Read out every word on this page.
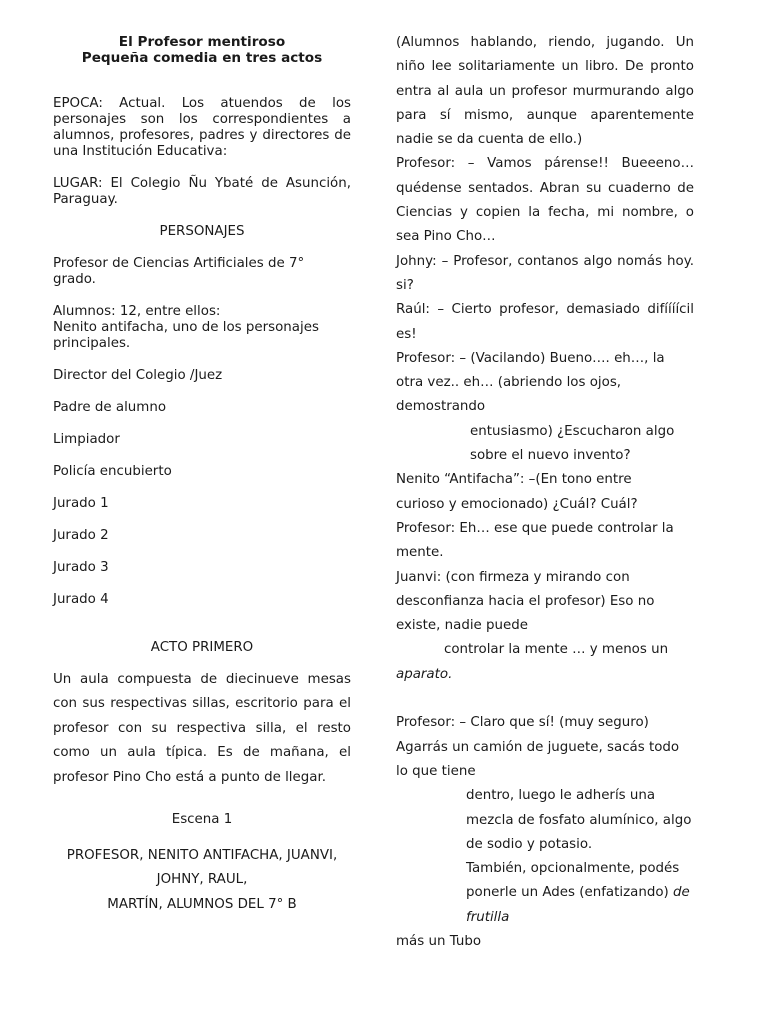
El Profesor mentiroso
Pequeña comedia en tres actos

EPOCA: Actual. Los atuendos de los personajes son los correspondientes a alumnos, profesores, padres y directores de una Institución Educativa:

LUGAR: El Colegio Ñu Ybaté de Asunción, Paraguay.

PERSONAJES

Profesor de Ciencias Artificiales de 7° grado.

Alumnos: 12, entre ellos:

Nenito antifacha, uno de los personajes principales.

Director del Colegio /Juez

Padre de alumno

Limpiador

Policía encubierto

Jurado 1

Jurado 2

Jurado 3

Jurado 4

ACTO PRIMERO

Un aula compuesta de diecinueve mesas con sus respectivas sillas, escritorio para el profesor con su respectiva silla, el resto como un aula típica. Es de mañana, el profesor Pino Cho está a punto de llegar.

Escena 1

PROFESOR, NENITO ANTIFACHA, JUANVI,
JOHNY, RAUL,
MARTÍN, ALUMNOS DEL 7° B

(Alumnos hablando, riendo, jugando. Un niño lee solitariamente un libro. De pronto entra al aula un profesor murmurando algo para sí mismo, aunque aparentemente nadie se da cuenta de ello.)

Profesor: – Vamos párense!! Bueeeno… quédense sentados. Abran su cuaderno de Ciencias y copien la fecha, mi nombre, o sea Pino Cho…

Johny: – Profesor, contanos algo nomás hoy. si?

Raúl: – Cierto profesor, demasiado difíííícil es!

Profesor: – (Vacilando) Bueno…. eh…, la otra vez.. eh… (abriendo los ojos, demostrando

entusiasmo) ¿Escucharon algo sobre el nuevo invento?

Nenito “Antifacha”: –(En tono entre

curioso y emocionado) ¿Cuál? Cuál?

Profesor: Eh… ese que puede controlar la mente.

Juanvi: (con firmeza y mirando con desconfianza hacia el profesor) Eso no existe, nadie puede

controlar la mente … y menos un

aparato.

Profesor: – Claro que sí! (muy seguro) Agarrás un camión de juguete, sacás todo lo que tiene

dentro, luego le adherís una mezcla de fosfato alumínico, algo de sodio y potasio.

También, opcionalmente, podés ponerle un Ades (enfatizando) de frutilla

más un Tubo
